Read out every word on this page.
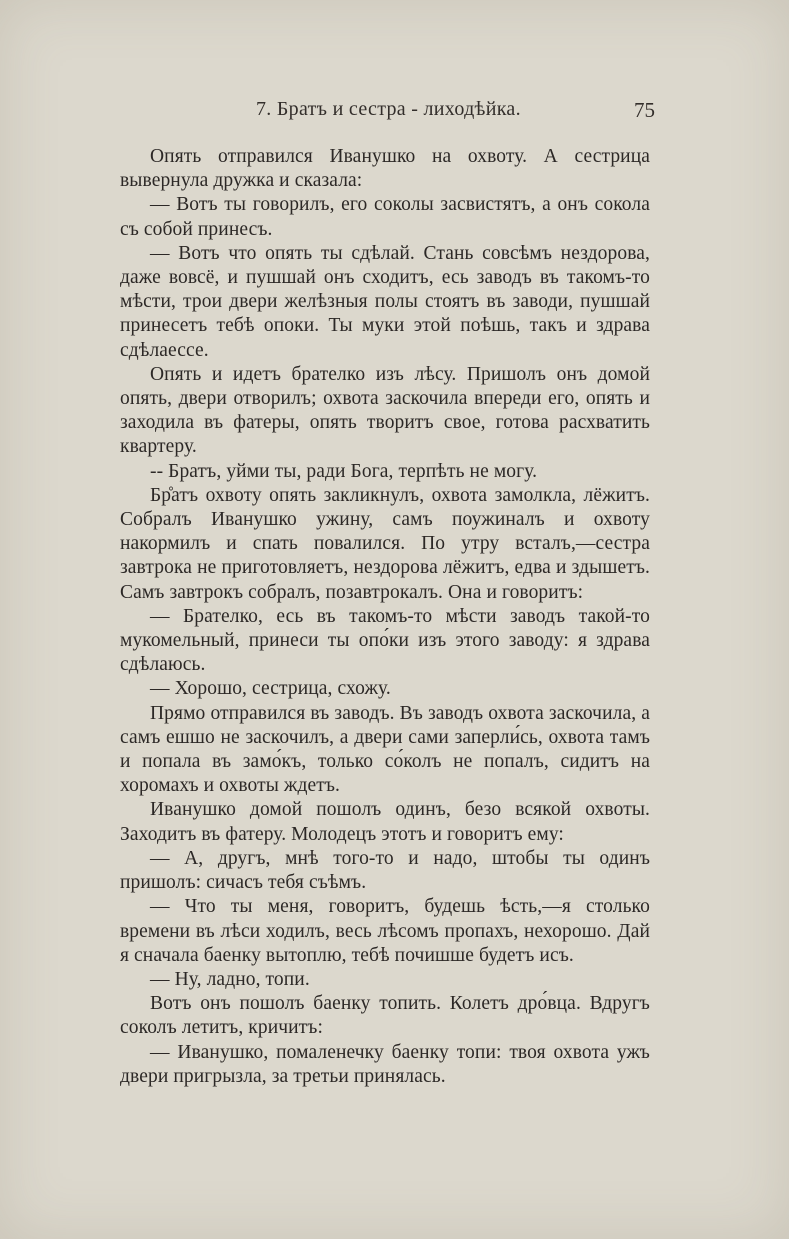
7. Братъ и сестра - лиходѣйка.	75

Опять отправился Иванушко на охвоту. А сестрица вывернула дружка и сказала:

— Вотъ ты говорилъ, его соколы засвистятъ, а онъ сокола съ собой принесъ.

— Вотъ что опять ты сдѣлай. Стань совсѣмъ нездорова, даже вовсё, и пушшай онъ сходитъ, есь заводъ въ такомъ-то мѣсти, трои двери желѣзныя полы стоятъ въ заводи, пушшай принесетъ тебѣ опоки. Ты муки этой поѣшь, такъ и здрава сдѣлаессе.

Опять и идетъ брателко изъ лѣсу. Пришолъ онъ домой опять, двери отворилъ; охвота заскочила впереди его, опять и заходила въ фатеры, опять творитъ свое, готова расхватить квартеру.

-- Братъ, уйми ты, ради Бога, терпѣть не могу.

Бр̊атъ охвоту опять закликнулъ, охвота замолкла, лёжитъ. Собралъ Иванушко ужину, самъ поужиналъ и охвоту накормилъ и спать повалился. По утру всталъ,—сестра завтрока не приготовляетъ, нездорова лёжитъ, едва и здышетъ. Самъ завтрокъ собралъ, позавтрокалъ. Она и говоритъ:

— Брателко, есь въ такомъ-то мѣсти заводъ такой-то мукомельный, принеси ты опо́ки изъ этого заводу: я здрава сдѣлаюсь.

— Хорошо, сестрица, схожу.

Прямо отправился въ заводъ. Въ заводъ охвота заскочила, а самъ ешшо не заскочилъ, а двери сами заперли́сь, охвота тамъ и попала въ замо́къ, только со́колъ не попалъ, сидитъ на хоромахъ и охвоты ждетъ.

Иванушко домой пошолъ одинъ, безо всякой охвоты. Заходитъ въ фатеру. Молодецъ этотъ и говоритъ ему:

— А, другъ, мнѣ того-то и надо, штобы ты одинъ пришолъ: сичасъ тебя съѣмъ.

— Что ты меня, говоритъ, будешь ѣсть,—я столько времени въ лѣси ходилъ, весь лѣсомъ пропахъ, нехорошо. Дай я сначала баенку вытоплю, тебѣ почишше будетъ исъ.

— Ну, ладно, топи.

Вотъ онъ пошолъ баенку топить. Колетъ дро́вца. Вдругъ соколъ летитъ, кричитъ:

— Иванушко, помаленечку баенку топи: твоя охвота ужъ двери пригрызла, за третьи принялась.
